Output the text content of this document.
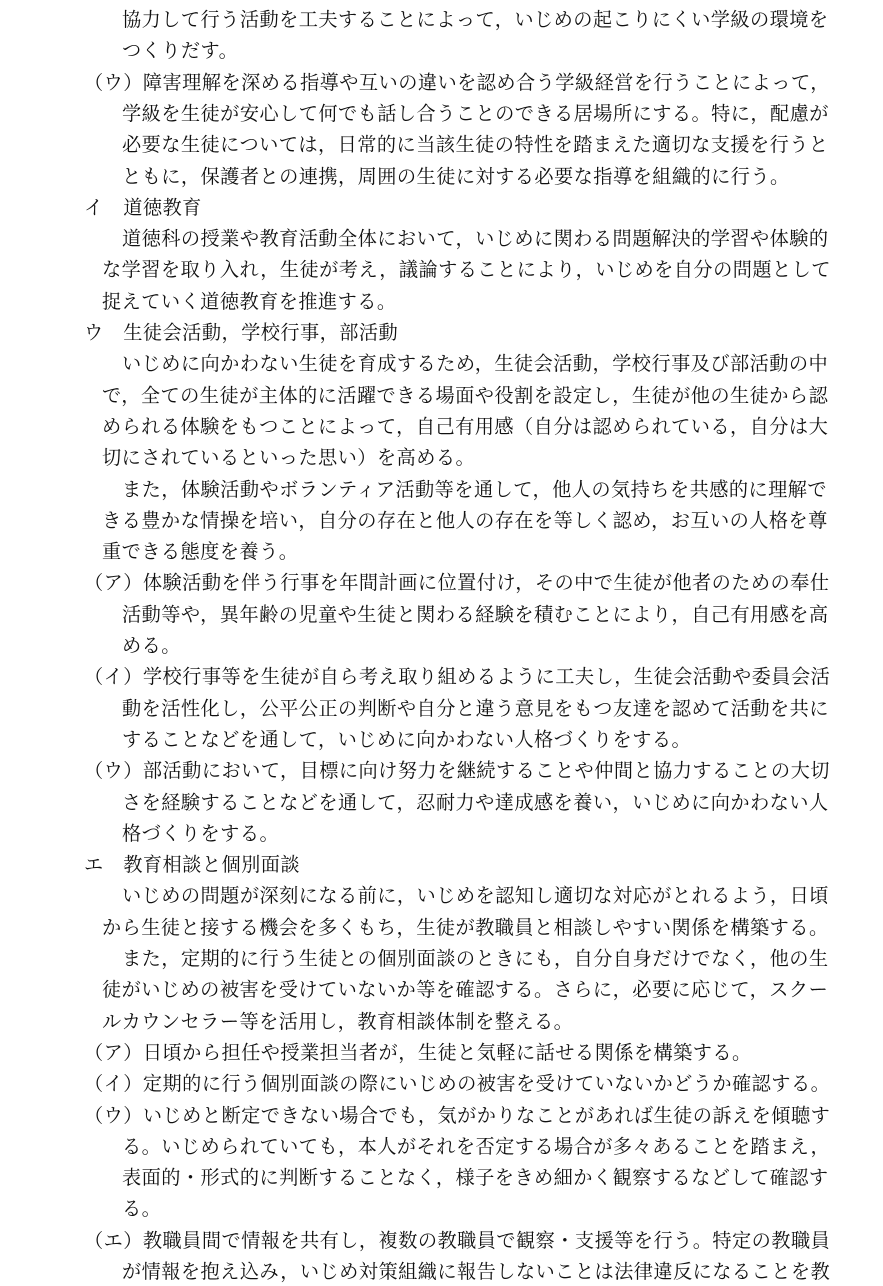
協力して行う活動を工夫することによって，いじめの起こりにくい学級の環境を
つくりだす。
（ウ）障害理解を深める指導や互いの違いを認め合う学級経営を行うことによって，
学級を生徒が安心して何でも話し合うことのできる居場所にする。特に，配慮が
必要な生徒については，日常的に当該生徒の特性を踏まえた適切な支援を行うと
ともに，保護者との連携，周囲の生徒に対する必要な指導を組織的に行う。
イ　道徳教育
道徳科の授業や教育活動全体において，いじめに関わる問題解決的学習や体験的
な学習を取り入れ，生徒が考え，議論することにより，いじめを自分の問題として
捉えていく道徳教育を推進する。
ウ　生徒会活動，学校行事，部活動
いじめに向かわない生徒を育成するため，生徒会活動，学校行事及び部活動の中
で，全ての生徒が主体的に活躍できる場面や役割を設定し，生徒が他の生徒から認
められる体験をもつことによって，自己有用感（自分は認められている，自分は大
切にされているといった思い）を高める。
また，体験活動やボランティア活動等を通して，他人の気持ちを共感的に理解で
きる豊かな情操を培い，自分の存在と他人の存在を等しく認め，お互いの人格を尊
重できる態度を養う。
（ア）体験活動を伴う行事を年間計画に位置付け，その中で生徒が他者のための奉仕
活動等や，異年齢の児童や生徒と関わる経験を積むことにより，自己有用感を高
める。
（イ）学校行事等を生徒が自ら考え取り組めるように工夫し，生徒会活動や委員会活
動を活性化し，公平公正の判断や自分と違う意見をもつ友達を認めて活動を共に
することなどを通して，いじめに向かわない人格づくりをする。
（ウ）部活動において，目標に向け努力を継続することや仲間と協力することの大切
さを経験することなどを通して，忍耐力や達成感を養い，いじめに向かわない人
格づくりをする。
エ　教育相談と個別面談
いじめの問題が深刻になる前に，いじめを認知し適切な対応がとれるよう，日頃
から生徒と接する機会を多くもち，生徒が教職員と相談しやすい関係を構築する。
また，定期的に行う生徒との個別面談のときにも，自分自身だけでなく，他の生
徒がいじめの被害を受けていないか等を確認する。さらに，必要に応じて，スクー
ルカウンセラー等を活用し，教育相談体制を整える。
（ア）日頃から担任や授業担当者が，生徒と気軽に話せる関係を構築する。
（イ）定期的に行う個別面談の際にいじめの被害を受けていないかどうか確認する。
（ウ）いじめと断定できない場合でも，気がかりなことがあれば生徒の訴えを傾聴す
る。いじめられていても，本人がそれを否定する場合が多々あることを踏まえ，
表面的・形式的に判断することなく，様子をきめ細かく観察するなどして確認す
る。
（エ）教職員間で情報を共有し，複数の教職員で観察・支援等を行う。特定の教職員
が情報を抱え込み，いじめ対策組織に報告しないことは法律違反になることを教
